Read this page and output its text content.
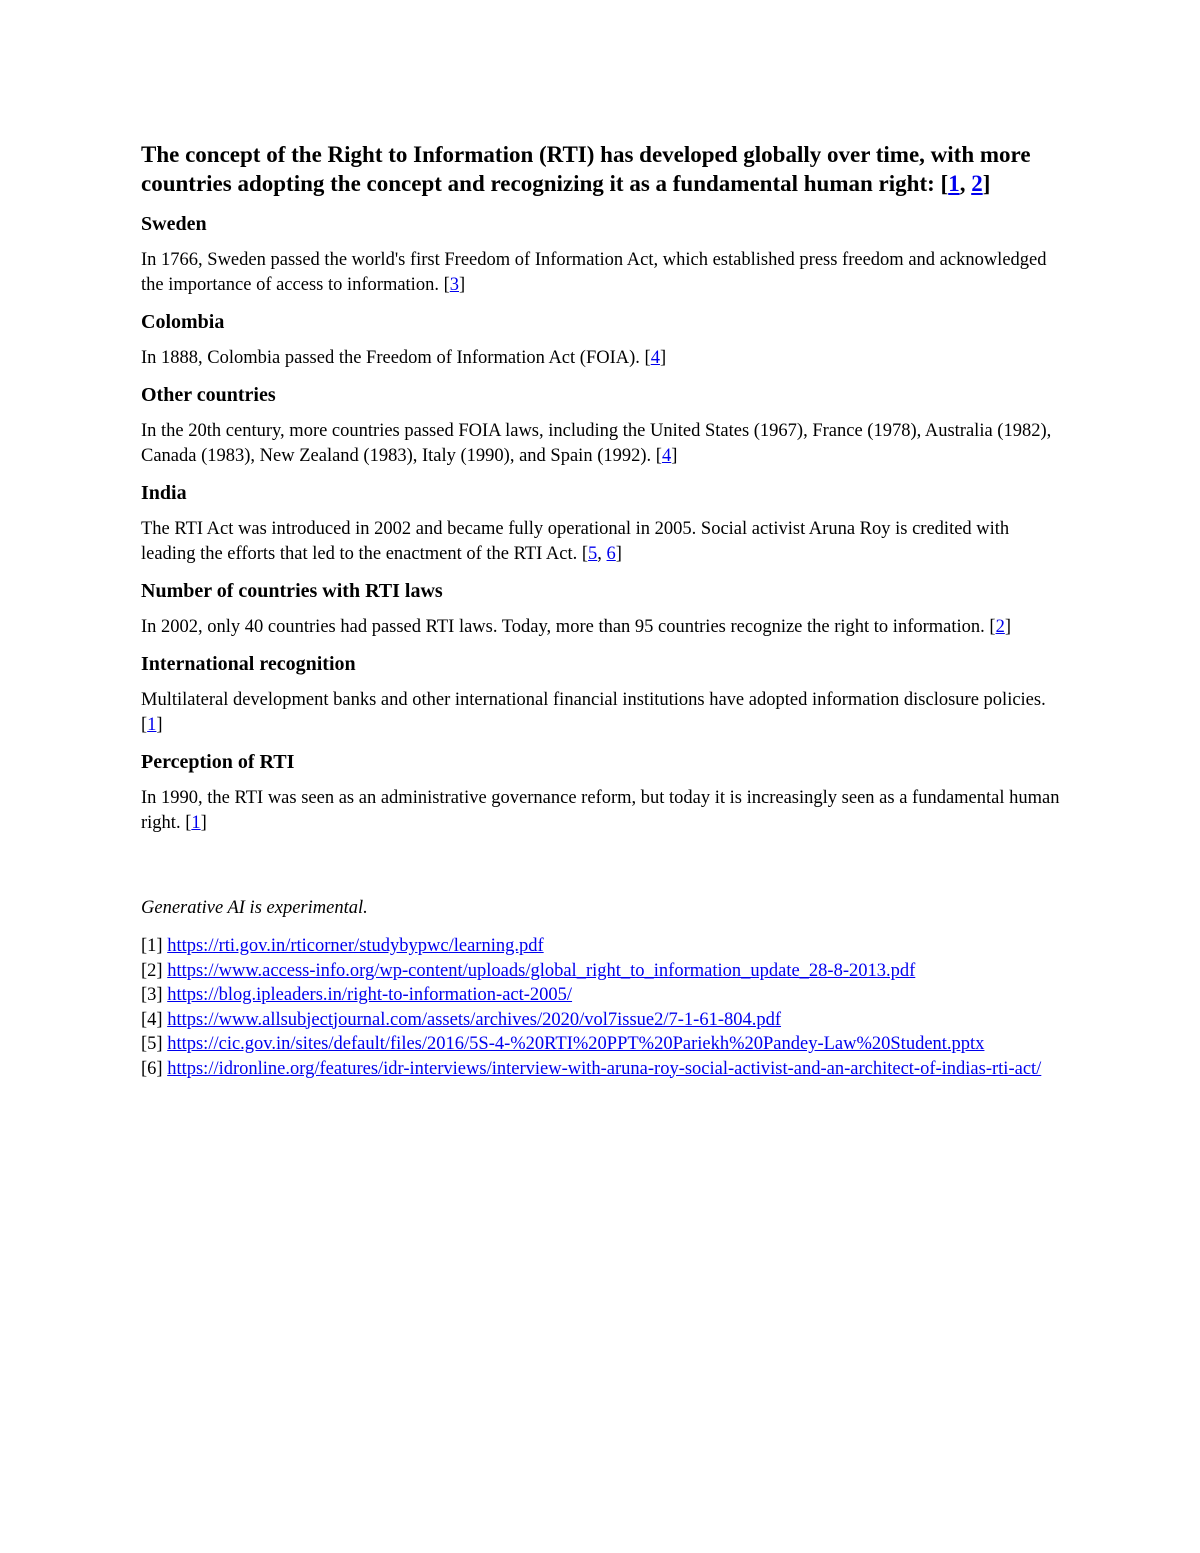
The concept of the Right to Information (RTI) has developed globally over time, with more countries adopting the concept and recognizing it as a fundamental human right: [1, 2]
Sweden

In 1766, Sweden passed the world's first Freedom of Information Act, which established press freedom and acknowledged the importance of access to information. [3]

Colombia

In 1888, Colombia passed the Freedom of Information Act (FOIA). [4]

Other countries

In the 20th century, more countries passed FOIA laws, including the United States (1967), France (1978), Australia (1982), Canada (1983), New Zealand (1983), Italy (1990), and Spain (1992). [4]

India

The RTI Act was introduced in 2002 and became fully operational in 2005. Social activist Aruna Roy is credited with leading the efforts that led to the enactment of the RTI Act. [5, 6]

Number of countries with RTI laws

In 2002, only 40 countries had passed RTI laws. Today, more than 95 countries recognize the right to information. [2]

International recognition

Multilateral development banks and other international financial institutions have adopted information disclosure policies. [1]

Perception of RTI

In 1990, the RTI was seen as an administrative governance reform, but today it is increasingly seen as a fundamental human right. [1]

Generative AI is experimental.

[1] https://rti.gov.in/rticorner/studybypwc/learning.pdf

[2] https://www.access-info.org/wp-content/uploads/global_right_to_information_update_28-8-2013.pdf

[3] https://blog.ipleaders.in/right-to-information-act-2005/

[4] https://www.allsubjectjournal.com/assets/archives/2020/vol7issue2/7-1-61-804.pdf

[5] https://cic.gov.in/sites/default/files/2016/5S-4-%20RTI%20PPT%20Pariekh%20Pandey-Law%20Student.pptx

[6] https://idronline.org/features/idr-interviews/interview-with-aruna-roy-social-activist-and-an-architect-of-indias-rti-act/
